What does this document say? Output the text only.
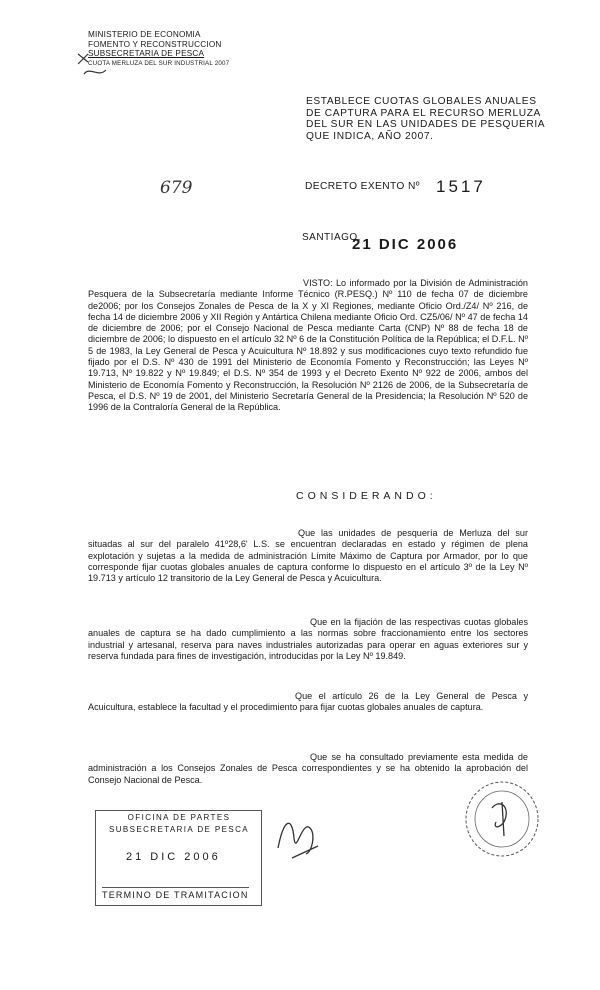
MINISTERIO DE ECONOMIA
FOMENTO Y RECONSTRUCCION
SUBSECRETARIA DE PESCA
CUOTA MERLUZA DEL SUR INDUSTRIAL 2007
ESTABLECE CUOTAS GLOBALES ANUALES DE CAPTURA PARA EL RECURSO MERLUZA DEL SUR EN LAS UNIDADES DE PESQUERIA QUE INDICA, AÑO 2007.
679	DECRETO EXENTO Nº 1517
SANTIAGO,
21 DIC 2006
VISTO: Lo informado por la División de Administración Pesquera de la Subsecretaría mediante Informe Técnico (R.PESQ.) Nº 110 de fecha 07 de diciembre de2006; por los Consejos Zonales de Pesca de la X y XI Regiones, mediante Oficio Ord./Z4/ Nº 216, de fecha 14 de diciembre 2006 y XII Región y Antártica Chilena mediante Oficio Ord. CZ5/06/ Nº 47 de fecha 14 de diciembre de 2006; por el Consejo Nacional de Pesca mediante Carta (CNP) Nº 88 de fecha 18 de diciembre de 2006; lo dispuesto en el artículo 32 Nº 6 de la Constitución Política de la República; el D.F.L. Nº 5 de 1983, la Ley General de Pesca y Acuicultura Nº 18.892 y sus modificaciones cuyo texto refundido fue fijado por el D.S. Nº 430 de 1991 del Ministerio de Economía Fomento y Reconstrucción; las Leyes Nº 19.713, Nº 19.822 y Nº 19.849; el D.S. Nº 354 de 1993 y el Decreto Exento Nº 922 de 2006, ambos del Ministerio de Economía Fomento y Reconstrucción, la Resolución Nº 2126 de 2006, de la Subsecretaría de Pesca, el D.S. Nº 19 de 2001, del Ministerio Secretaría General de la Presidencia; la Resolución Nº 520 de 1996 de la Contraloría General de la República.
CONSIDERANDO:
Que las unidades de pesquería de Merluza del sur situadas al sur del paralelo 41º28,6' L.S. se encuentran declaradas en estado y régimen de plena explotación y sujetas a la medida de administración Límite Máximo de Captura por Armador, por lo que corresponde fijar cuotas globales anuales de captura conforme lo dispuesto en el artículo 3º de la Ley Nº 19.713 y artículo 12 transitorio de la Ley General de Pesca y Acuicultura.
Que en la fijación de las respectivas cuotas globales anuales de captura se ha dado cumplimiento a las normas sobre fraccionamiento entre los sectores industrial y artesanal, reserva para naves industriales autorizadas para operar en aguas exteriores sur y reserva fundada para fines de investigación, introducidas por la Ley Nº 19.849.
Que el artículo 26 de la Ley General de Pesca y Acuicultura, establece la facultad y el procedimiento para fijar cuotas globales anuales de captura.
Que se ha consultado previamente esta medida de administración a los Consejos Zonales de Pesca correspondientes y se ha obtenido la aprobación del Consejo Nacional de Pesca.
OFICINA DE PARTES
SUBSECRETARIA DE PESCA
21 DIC 2006
TERMINO DE TRAMITACION
